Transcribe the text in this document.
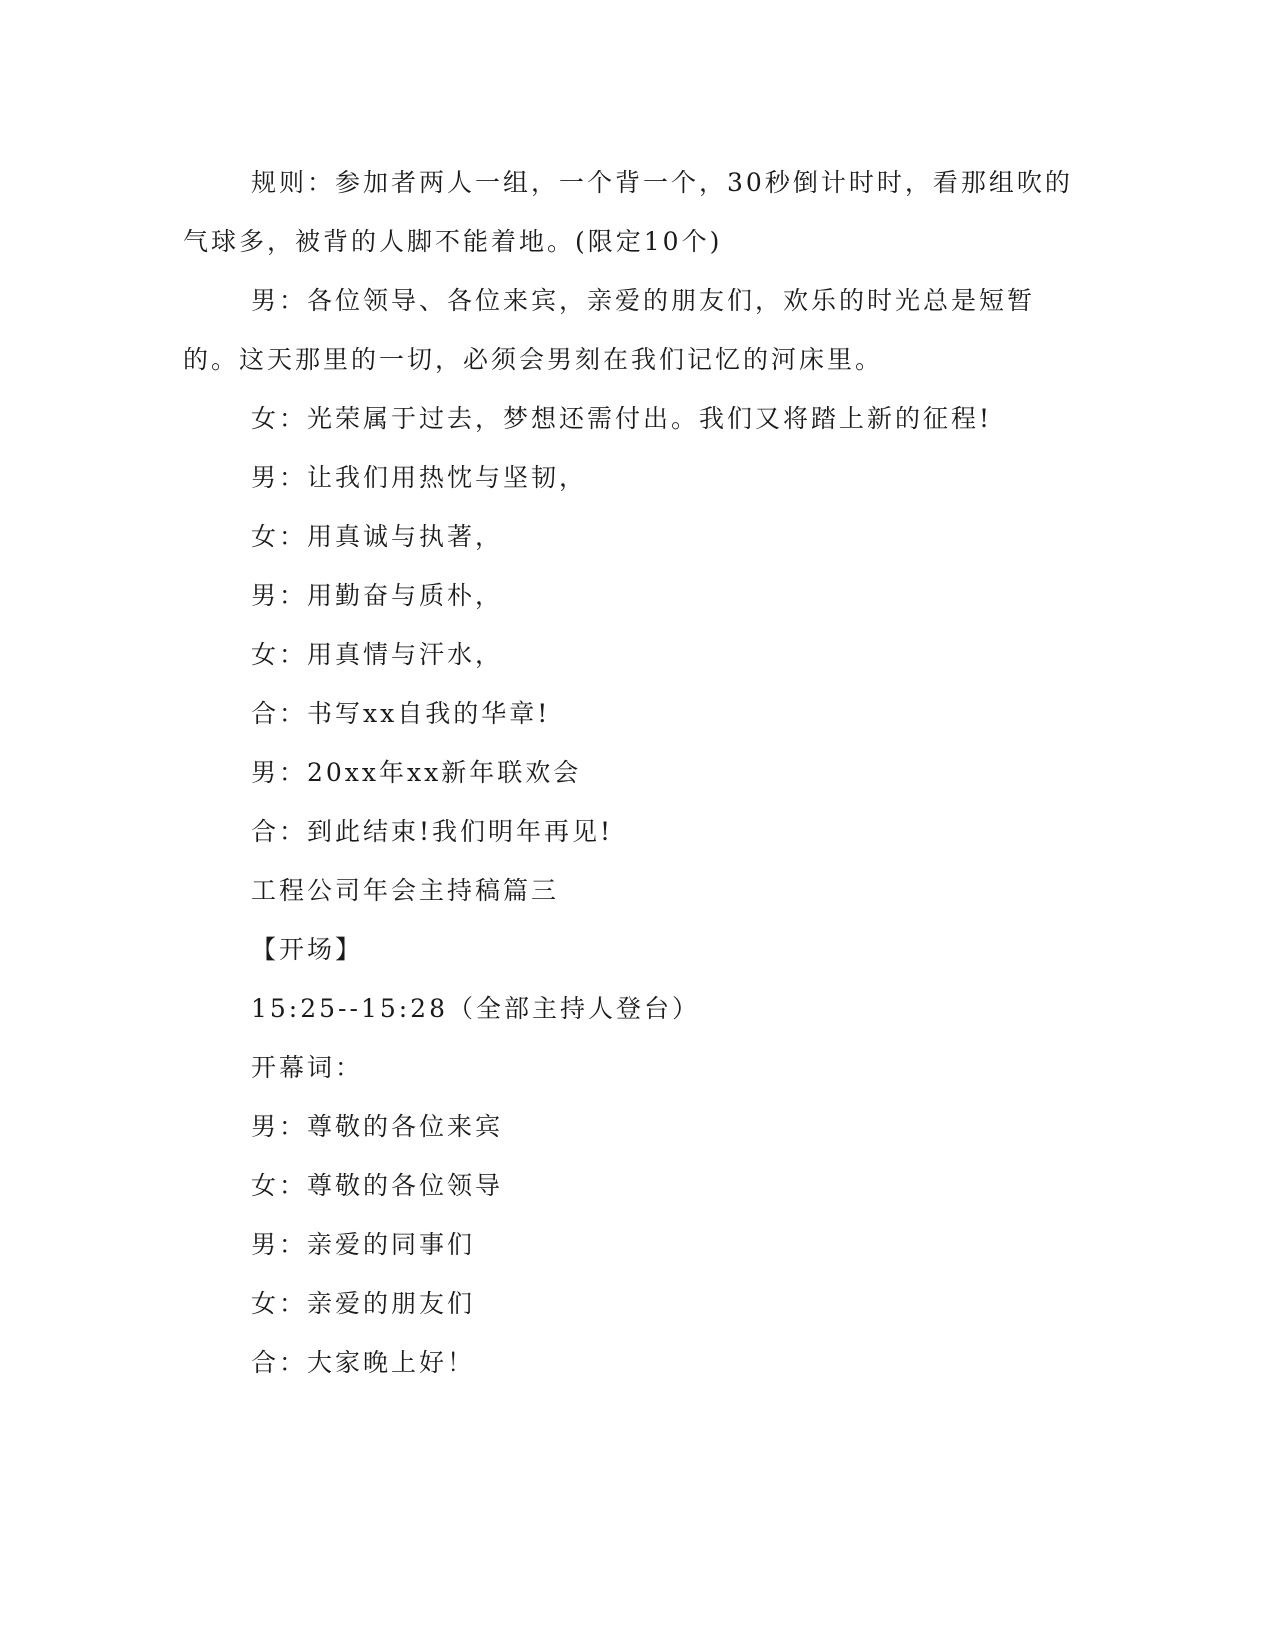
规则：参加者两人一组，一个背一个，30秒倒计时时，看那组吹的气球多，被背的人脚不能着地。(限定10个)

男：各位领导、各位来宾，亲爱的朋友们，欢乐的时光总是短暂的。这天那里的一切，必须会男刻在我们记忆的河床里。

女：光荣属于过去，梦想还需付出。我们又将踏上新的征程!

男：让我们用热忱与坚韧，

女：用真诚与执著，

男：用勤奋与质朴，

女：用真情与汗水，

合：书写xx自我的华章!

男：20xx年xx新年联欢会

合：到此结束!我们明年再见!

工程公司年会主持稿篇三

【开场】

15:25--15:28（全部主持人登台）

开幕词：

男：尊敬的各位来宾

女：尊敬的各位领导

男：亲爱的同事们

女：亲爱的朋友们

合：大家晚上好！
